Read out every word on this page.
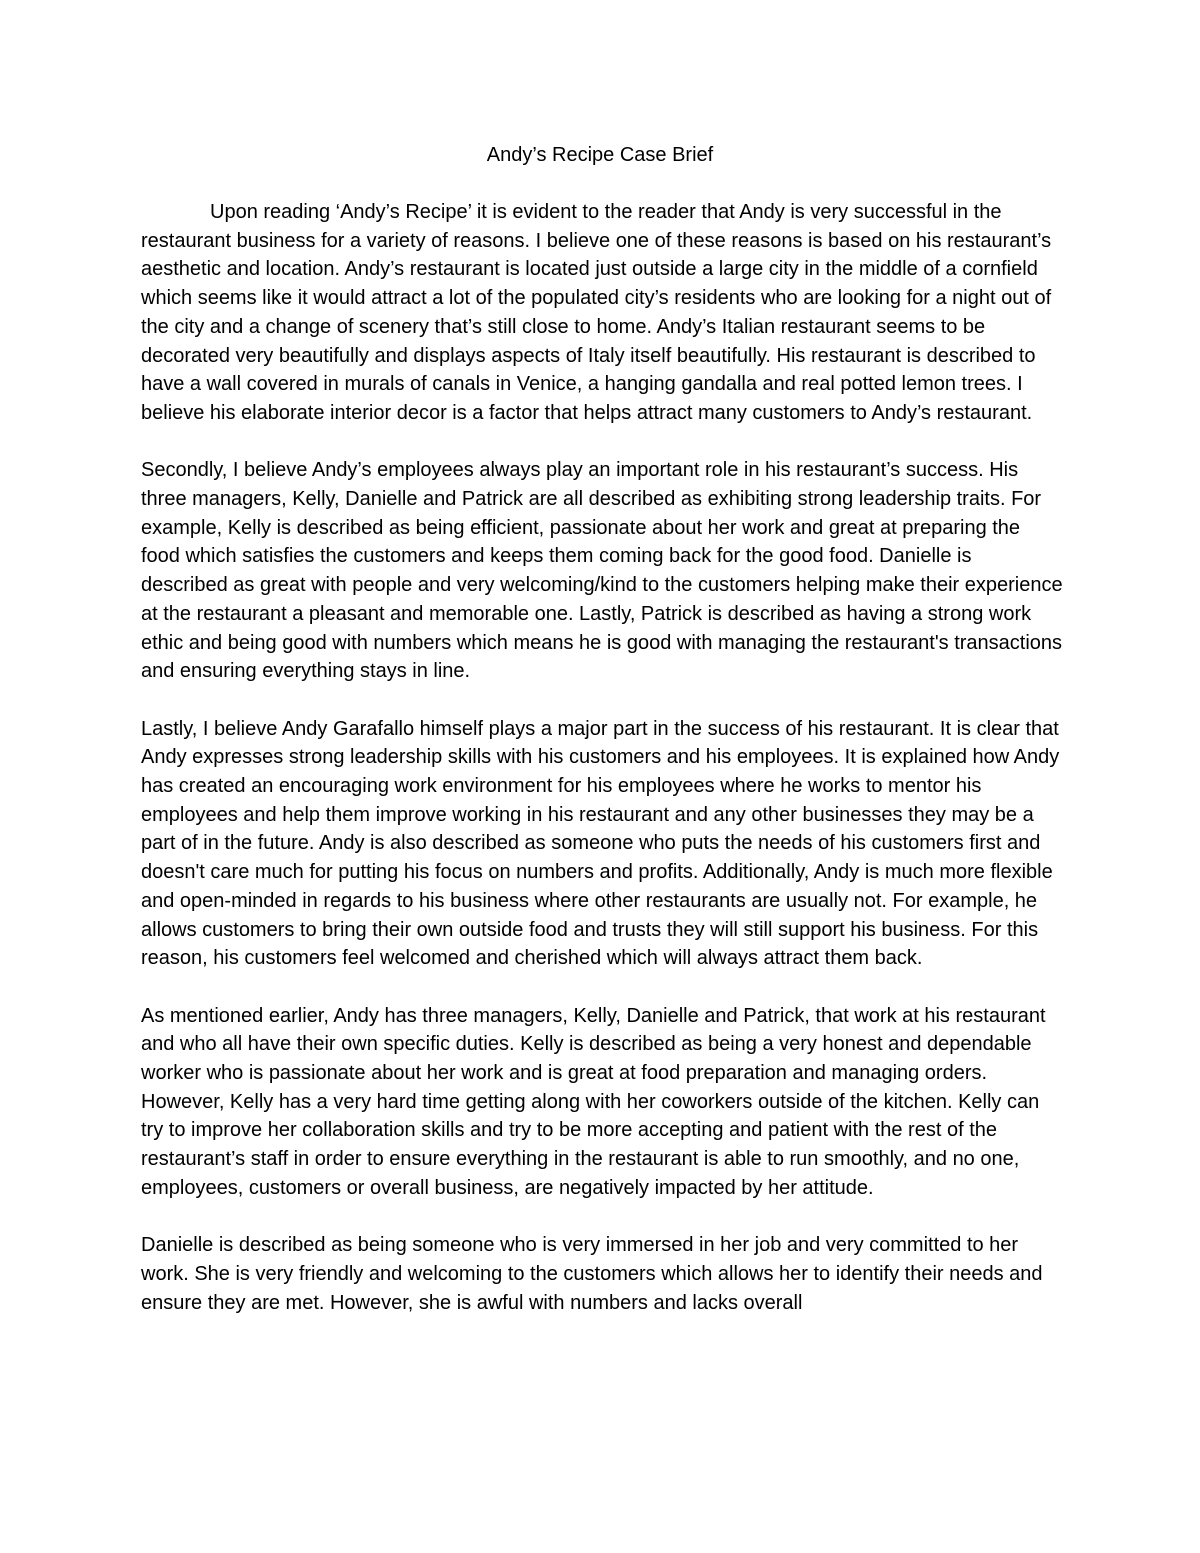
Andy’s Recipe Case Brief

Upon reading ‘Andy’s Recipe’ it is evident to the reader that Andy is very successful in the restaurant business for a variety of reasons. I believe one of these reasons is based on his restaurant’s aesthetic and location. Andy’s restaurant is located just outside a large city in the middle of a cornfield which seems like it would attract a lot of the populated city’s residents who are looking for a night out of the city and a change of scenery that’s still close to home. Andy’s Italian restaurant seems to be decorated very beautifully and displays aspects of Italy itself beautifully. His restaurant is described to have a wall covered in murals of canals in Venice, a hanging gandalla and real potted lemon trees. I believe his elaborate interior decor is a factor that helps attract many customers to Andy’s restaurant.

Secondly, I believe Andy’s employees always play an important role in his restaurant’s success. His three managers, Kelly, Danielle and Patrick are all described as exhibiting strong leadership traits. For example, Kelly is described as being efficient, passionate about her work and great at preparing the food which satisfies the customers and keeps them coming back for the good food. Danielle is described as great with people and very welcoming/kind to the customers helping make their experience at the restaurant a pleasant and memorable one. Lastly, Patrick is described as having a strong work ethic and being good with numbers which means he is good with managing the restaurant's transactions and ensuring everything stays in line.

Lastly, I believe Andy Garafallo himself plays a major part in the success of his restaurant. It is clear that Andy expresses strong leadership skills with his customers and his employees. It is explained how Andy has created an encouraging work environment for his employees where he works to mentor his employees and help them improve working in his restaurant and any other businesses they may be a part of in the future. Andy is also described as someone who puts the needs of his customers first and doesn't care much for putting his focus on numbers and profits. Additionally, Andy is much more flexible and open-minded in regards to his business where other restaurants are usually not. For example, he allows customers to bring their own outside food and trusts they will still support his business. For this reason, his customers feel welcomed and cherished which will always attract them back.

As mentioned earlier, Andy has three managers, Kelly, Danielle and Patrick, that work at his restaurant and who all have their own specific duties. Kelly is described as being a very honest and dependable worker who is passionate about her work and is great at food preparation and managing orders. However, Kelly has a very hard time getting along with her coworkers outside of the kitchen. Kelly can try to improve her collaboration skills and try to be more accepting and patient with the rest of the restaurant’s staff in order to ensure everything in the restaurant is able to run smoothly, and no one, employees, customers or overall business, are negatively impacted by her attitude.

Danielle is described as being someone who is very immersed in her job and very committed to her work. She is very friendly and welcoming to the customers which allows her to identify their needs and ensure they are met. However, she is awful with numbers and lacks overall
